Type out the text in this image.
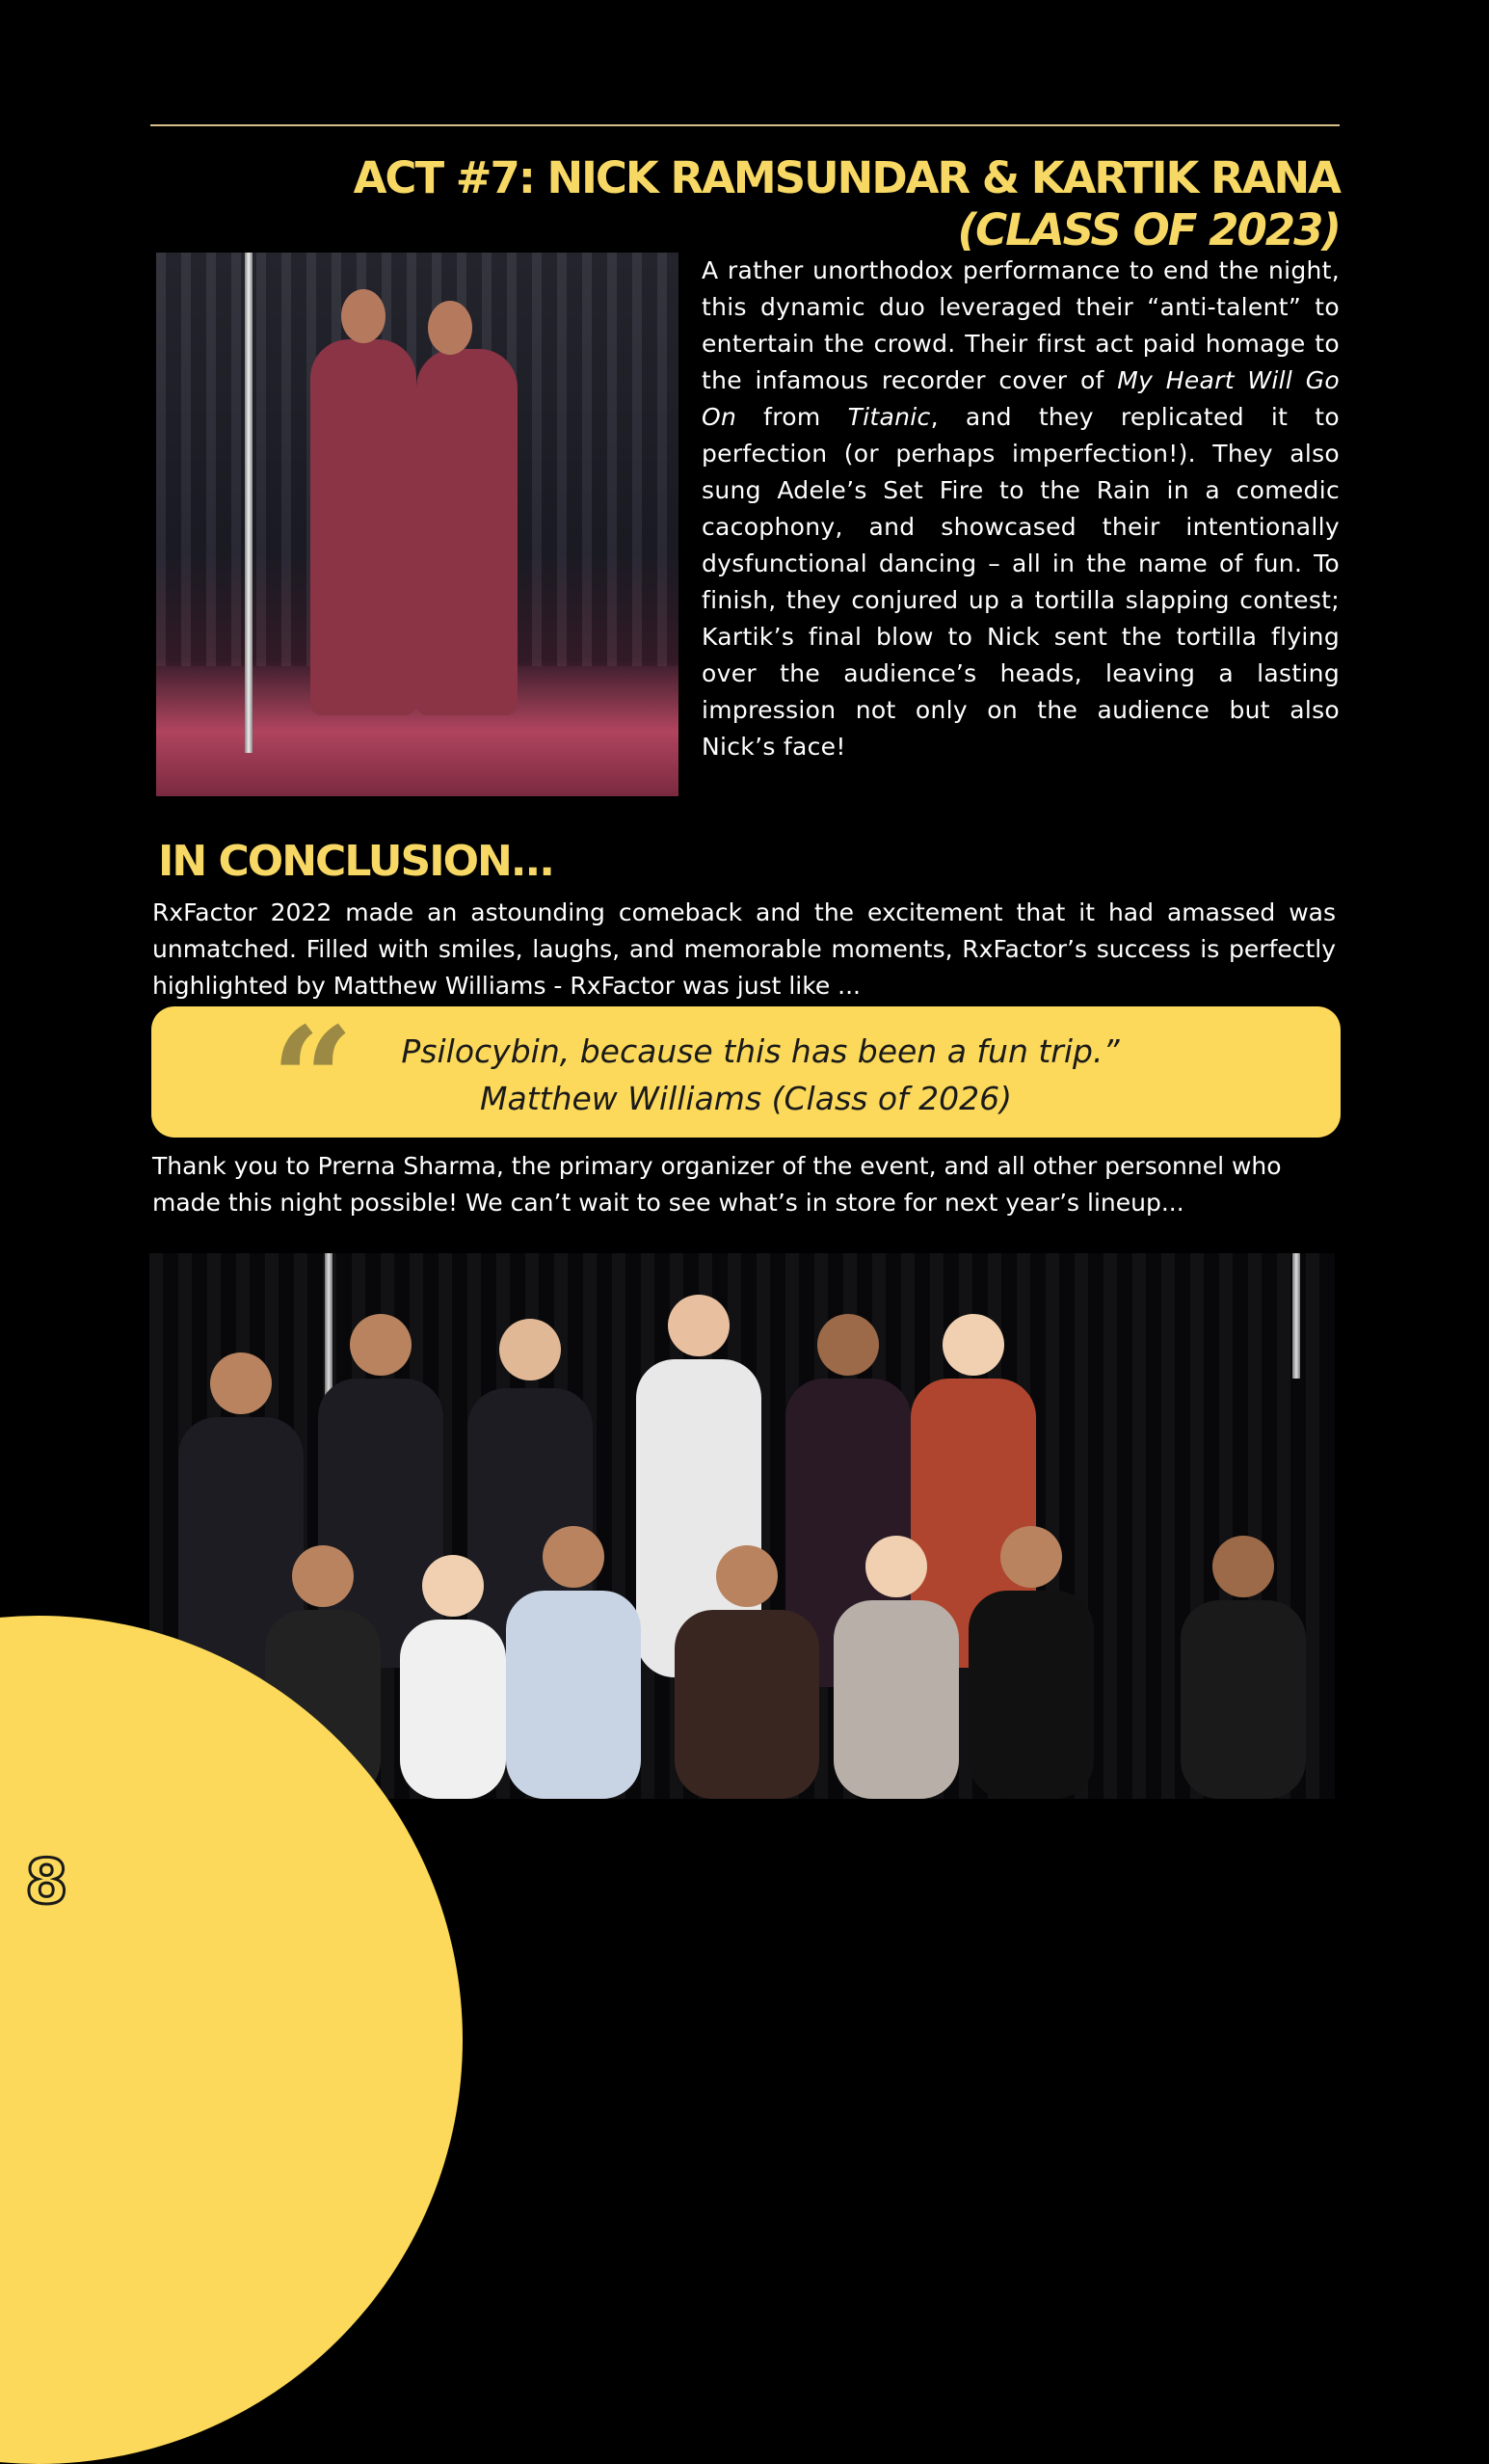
ACT #7: NICK RAMSUNDAR & KARTIK RANA
(CLASS OF 2023)

A rather unorthodox performance to end the night, this dynamic duo leveraged their “anti-talent” to entertain the crowd. Their first act paid homage to the infamous recorder cover of My Heart Will Go On from Titanic, and they replicated it to perfection (or perhaps imperfection!). They also sung Adele’s Set Fire to the Rain in a comedic cacophony, and showcased their intentionally dysfunctional dancing – all in the name of fun. To finish, they conjured up a tortilla slapping contest; Kartik’s final blow to Nick sent the tortilla flying over the audience’s heads, leaving a lasting impression not only on the audience but also Nick’s face!

IN CONCLUSION...

RxFactor 2022 made an astounding comeback and the excitement that it had amassed was unmatched. Filled with smiles, laughs, and memorable moments, RxFactor’s success is perfectly highlighted by Matthew Williams - RxFactor was just like ...

“	Psilocybin, because this has been a fun trip.”
Matthew Williams (Class of 2026)

Thank you to Prerna Sharma, the primary organizer of the event, and all other personnel who made this night possible! We can’t wait to see what’s in store for next year’s lineup...

8
